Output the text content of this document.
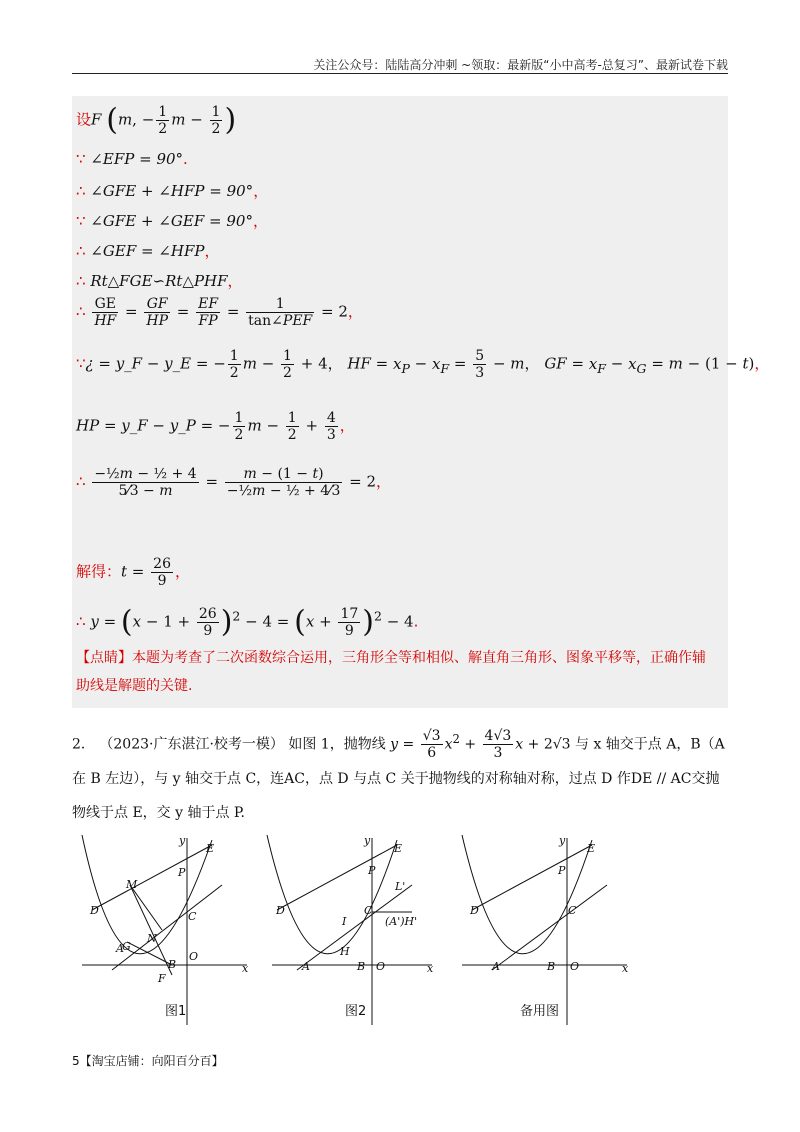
关注公众号：陆陆高分冲刺 ~领取：最新版“小中高考-总复习”、最新试卷下载
设F (m, − $\frac{1}{2}$ $m - \frac{1}{2}$ )
∵ ∠EFP = 90°.
∴ ∠GFE + ∠HFP = 90°，
∵ ∠GFE + ∠GEF = 90°，
∴ ∠GEF = ∠HFP，
∴ Rt△FGE∽Rt△PHF，
∴ $\frac{GE}{HF} = \frac{GF}{HP} = \frac{EF}{FP} = \frac{1}{\text{tan∠PEF}} = 2$，
∵¿ = y_F − y_E = − $\frac{1}{2}$ $m - \frac{1}{2} + 4$， HF = $x_P - x_F = \frac{5}{3} - m$， GF = $x_F - x_G = m - (1 - t)$，
HP = y_F − y_P = − $\frac{1}{2}$ $m - \frac{1}{2} + \frac{4}{3}$ ，
∴ $\frac{\text{−½m − ½ + 4}}{5⁄3 - m} = \frac{m - (1 - t)}{\text{−½m − ½ + 4⁄3}} = 2$，
解得：$t = \frac{26}{9}$ ，
∴ $y = (x - 1 + \frac{26}{9} )^2 - 4 = (x + \frac{17}{9} )^2 - 4$.
【点睛】本题为考查了二次函数综合运用，三角形全等和相似、解直角三角形、图象平移等，正确作辅助线是解题的关键.
2． （2023·广东湛江·校考一模） 如图 1，抛物线 $y = \frac{√3}{6} x^2 + \frac{4√3}{3}$ x + 2√3 与 x 轴交于点 A，B（A 在 B 左边），与 y 轴交于点 C，连AC，点 D 与点 C 关于抛物线的对称轴对称，过点 D 作DE // AC交抛物线于点 E，交 y 轴于点 P.
D
M
A
G
N
B
F
C
O
P
E
x
y
D
A	B
C
O
P
E
L'
(A')H'
I
H
x
y
D
A	B
C
O
P
E
x
y
图1	图2	备用图
5【淘宝店铺：向阳百分百】
